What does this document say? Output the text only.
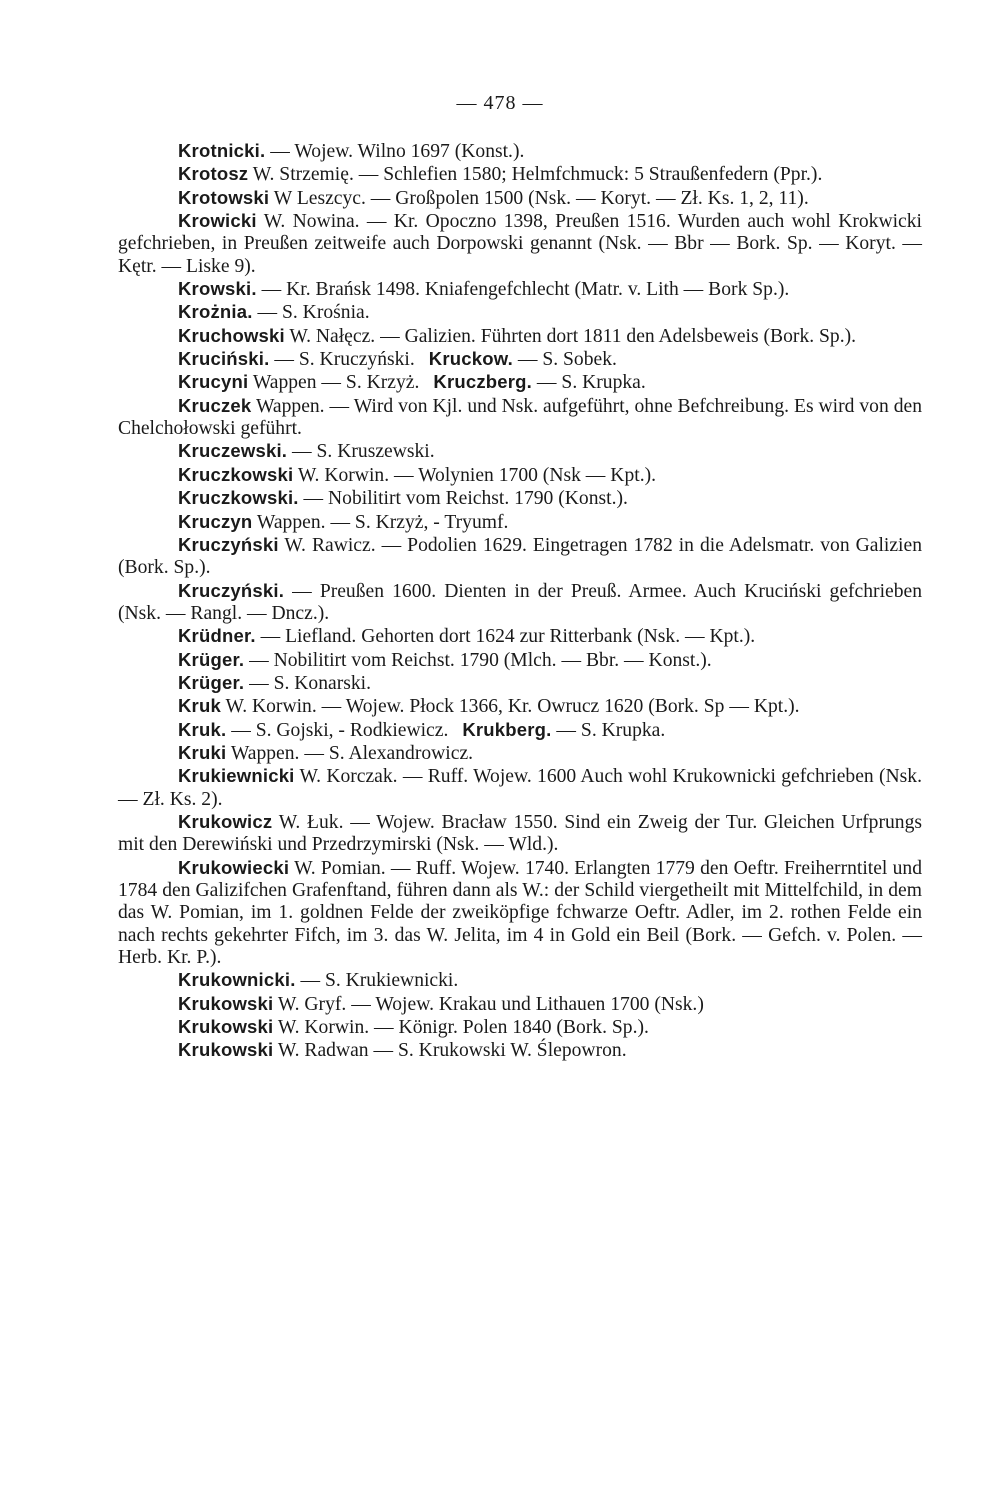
— 478 —

Krotnicki. — Wojew. Wilno 1697 (Konst.).

Krotosz W. Strzemię. — Schlefien 1580; Helmfchmuck: 5 Straußenfedern (Ppr.).

Krotowski W Leszcyc. — Großpolen 1500 (Nsk. — Koryt. — Zł. Ks. 1, 2, 11).

Krowicki W. Nowina. — Kr. Opoczno 1398, Preußen 1516. Wurden auch wohl Krokwicki gefchrieben, in Preußen zeitweife auch Dorpowski genannt (Nsk. — Bbr — Bork. Sp. — Koryt. — Kętr. — Liske 9).

Krowski. — Kr. Brańsk 1498. Kniafengefchlecht (Matr. v. Lith — Bork Sp.).

Krożnia. — S. Krośnia.

Kruchowski W. Nałęcz. — Galizien. Führten dort 1811 den Adelsbeweis (Bork. Sp.).

Kruciński. — S. Kruczyński. Kruckow. — S. Sobek.

Krucyni Wappen — S. Krzyż. Kruczberg. — S. Krupka.

Kruczek Wappen. — Wird von Kjl. und Nsk. aufgeführt, ohne Befchreibung. Es wird von den Chelchołowski geführt.

Kruczewski. — S. Kruszewski.

Kruczkowski W. Korwin. — Wolynien 1700 (Nsk — Kpt.).

Kruczkowski. — Nobilitirt vom Reichst. 1790 (Konst.).

Kruczyn Wappen. — S. Krzyż, - Tryumf.

Kruczyński W. Rawicz. — Podolien 1629. Eingetragen 1782 in die Adelsmatr. von Galizien (Bork. Sp.).

Kruczyński. — Preußen 1600. Dienten in der Preuß. Armee. Auch Kruciński gefchrieben (Nsk. — Rangl. — Dncz.).

Krüdner. — Liefland. Gehorten dort 1624 zur Ritterbank (Nsk. — Kpt.).

Krüger. — Nobilitirt vom Reichst. 1790 (Mlch. — Bbr. — Konst.).

Krüger. — S. Konarski.

Kruk W. Korwin. — Wojew. Płock 1366, Kr. Owrucz 1620 (Bork. Sp — Kpt.).

Kruk. — S. Gojski, - Rodkiewicz. Krukberg. — S. Krupka.

Kruki Wappen. — S. Alexandrowicz.

Krukiewnicki W. Korczak. — Ruff. Wojew. 1600 Auch wohl Krukownicki gefchrieben (Nsk. — Zł. Ks. 2).

Krukowicz W. Łuk. — Wojew. Bracław 1550. Sind ein Zweig der Tur. Gleichen Urfprungs mit den Derewiński und Przedrzymirski (Nsk. — Wld.).

Krukowiecki W. Pomian. — Ruff. Wojew. 1740. Erlangten 1779 den Oeftr. Freiherrntitel und 1784 den Galizifchen Grafenftand, führen dann als W.: der Schild viergetheilt mit Mittelfchild, in dem das W. Pomian, im 1. goldnen Felde der zweiköpfige fchwarze Oeftr. Adler, im 2. rothen Felde ein nach rechts gekehrter Fifch, im 3. das W. Jelita, im 4 in Gold ein Beil (Bork. — Gefch. v. Polen. — Herb. Kr. P.).

Krukownicki. — S. Krukiewnicki.

Krukowski W. Gryf. — Wojew. Krakau und Lithauen 1700 (Nsk.)

Krukowski W. Korwin. — Königr. Polen 1840 (Bork. Sp.).

Krukowski W. Radwan — S. Krukowski W. Ślepowron.
